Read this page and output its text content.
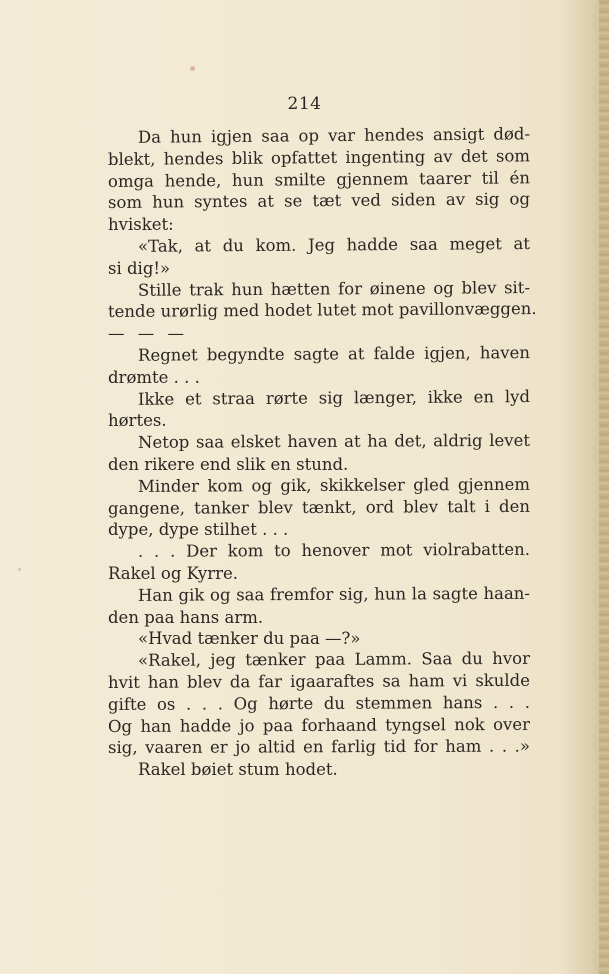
214
Da hun igjen saa op var hendes ansigt død-
blekt, hendes blik opfattet ingenting av det som
omga hende, hun smilte gjennem taarer til én
som hun syntes at se tæt ved siden av sig og
hvisket:
«Tak, at du kom. Jeg hadde saa meget at
si dig!»
Stille trak hun hætten for øinene og blev sit-
tende urørlig med hodet lutet mot pavillonvæggen.
— — —
Regnet begyndte sagte at falde igjen, haven
drømte . . .
Ikke et straa rørte sig længer, ikke en lyd
hørtes.
Netop saa elsket haven at ha det, aldrig levet
den rikere end slik en stund.
Minder kom og gik, skikkelser gled gjennem
gangene, tanker blev tænkt, ord blev talt i den
dype, dype stilhet . . .
. . . Der kom to henover mot violrabatten.
Rakel og Kyrre.
Han gik og saa fremfor sig, hun la sagte haan-
den paa hans arm.
«Hvad tænker du paa —?»
«Rakel, jeg tænker paa Lamm. Saa du hvor
hvit han blev da far igaaraftes sa ham vi skulde
gifte os . . . Og hørte du stemmen hans . . .
Og han hadde jo paa forhaand tyngsel nok over
sig, vaaren er jo altid en farlig tid for ham . . .»
Rakel bøiet stum hodet.
